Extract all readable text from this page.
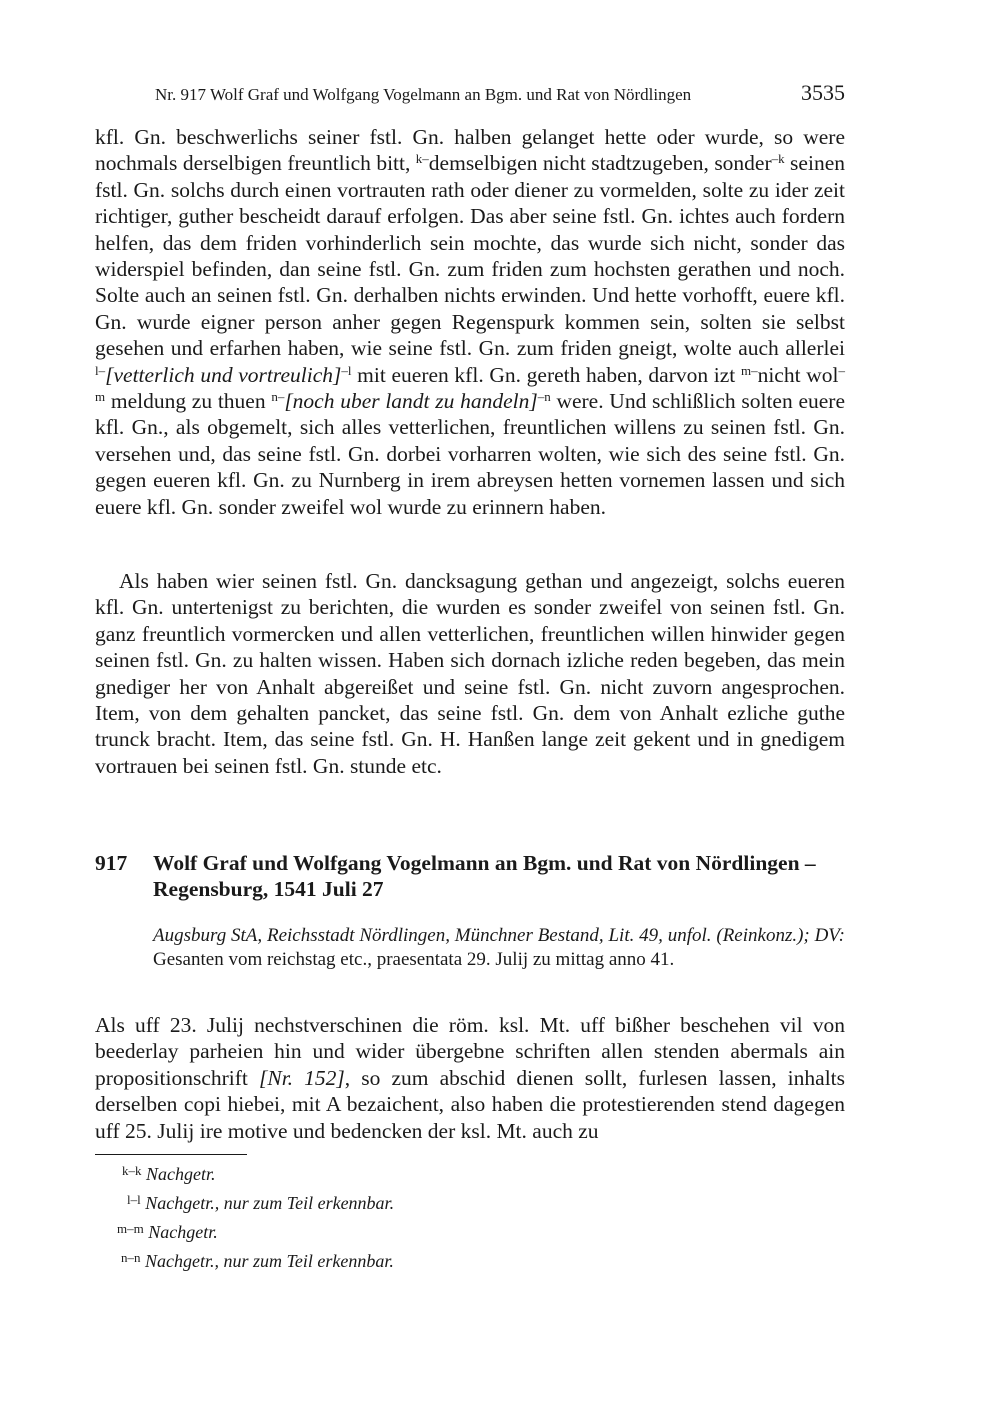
Nr. 917 Wolf Graf und Wolfgang Vogelmann an Bgm. und Rat von Nördlingen	3535
kfl. Gn. beschwerlichs seiner fstl. Gn. halben gelanget hette oder wurde, so were nochmals derselbigen freuntlich bitt, $^{k-}$demselbigen nicht stadtzugeben, sonder$^{-k}$ seinen fstl. Gn. solchs durch einen vortrauten rath oder diener zu vormelden, solte zu ider zeit richtiger, guther bescheidt darauf erfolgen. Das aber seine fstl. Gn. ichtes auch fordern helfen, das dem friden vorhinderlich sein mochte, das wurde sich nicht, sonder das widerspiel befinden, dan seine fstl. Gn. zum friden zum hochsten gerathen und noch. Solte auch an seinen fstl. Gn. derhalben nichts erwinden. Und hette vorhofft, euere kfl. Gn. wurde eigner person anher gegen Regenspurk kommen sein, solten sie selbst gesehen und erfarhen haben, wie seine fstl. Gn. zum friden gneigt, wolte auch allerlei $^{l-}$[vetterlich und vortreulich]$^{-l}$ mit eueren kfl. Gn. gereth haben, darvon izt $^{m-}$nicht wol$^{-m}$ meldung zu thuen $^{n-}$[noch uber landt zu handeln]$^{-n}$ were. Und schlißlich solten euere kfl. Gn., als obgemelt, sich alles vetterlichen, freuntlichen willens zu seinen fstl. Gn. versehen und, das seine fstl. Gn. dorbei vorharren wolten, wie sich des seine fstl. Gn. gegen eueren kfl. Gn. zu Nurnberg in irem abreysen hetten vornemen lassen und sich euere kfl. Gn. sonder zweifel wol wurde zu erinnern haben.
Als haben wier seinen fstl. Gn. dancksagung gethan und angezeigt, solchs eueren kfl. Gn. untertenigst zu berichten, die wurden es sonder zweifel von seinen fstl. Gn. ganz freuntlich vormercken und allen vetterlichen, freuntlichen willen hinwider gegen seinen fstl. Gn. zu halten wissen. Haben sich dornach izliche reden begeben, das mein gnediger her von Anhalt abgereißet und seine fstl. Gn. nicht zuvorn angesprochen. Item, von dem gehalten pancket, das seine fstl. Gn. dem von Anhalt ezliche guthe trunck bracht. Item, das seine fstl. Gn. H. Hanßen lange zeit gekent und in gnedigem vortrauen bei seinen fstl. Gn. stunde etc.
917 Wolf Graf und Wolfgang Vogelmann an Bgm. und Rat von Nördlingen – Regensburg, 1541 Juli 27
Augsburg StA, Reichsstadt Nördlingen, Münchner Bestand, Lit. 49, unfol. (Reinkonz.); DV: Gesanten vom reichstag etc., praesentata 29. Julij zu mittag anno 41.
Als uff 23. Julij nechstverschinen die röm. ksl. Mt. uff bißher beschehen vil von beederlay parheien hin und wider übergebne schriften allen stenden abermals ain propositionschrift [Nr. 152], so zum abschid dienen sollt, furlesen lassen, inhalts derselben copi hiebei, mit A bezaichent, also haben die protestierenden stend dagegen uff 25. Julij ire motive und bedencken der ksl. Mt. auch zu
$^{k-k}$ Nachgetr.
$^{l-l}$ Nachgetr., nur zum Teil erkennbar.
$^{m-m}$ Nachgetr.
$^{n-n}$ Nachgetr., nur zum Teil erkennbar.
